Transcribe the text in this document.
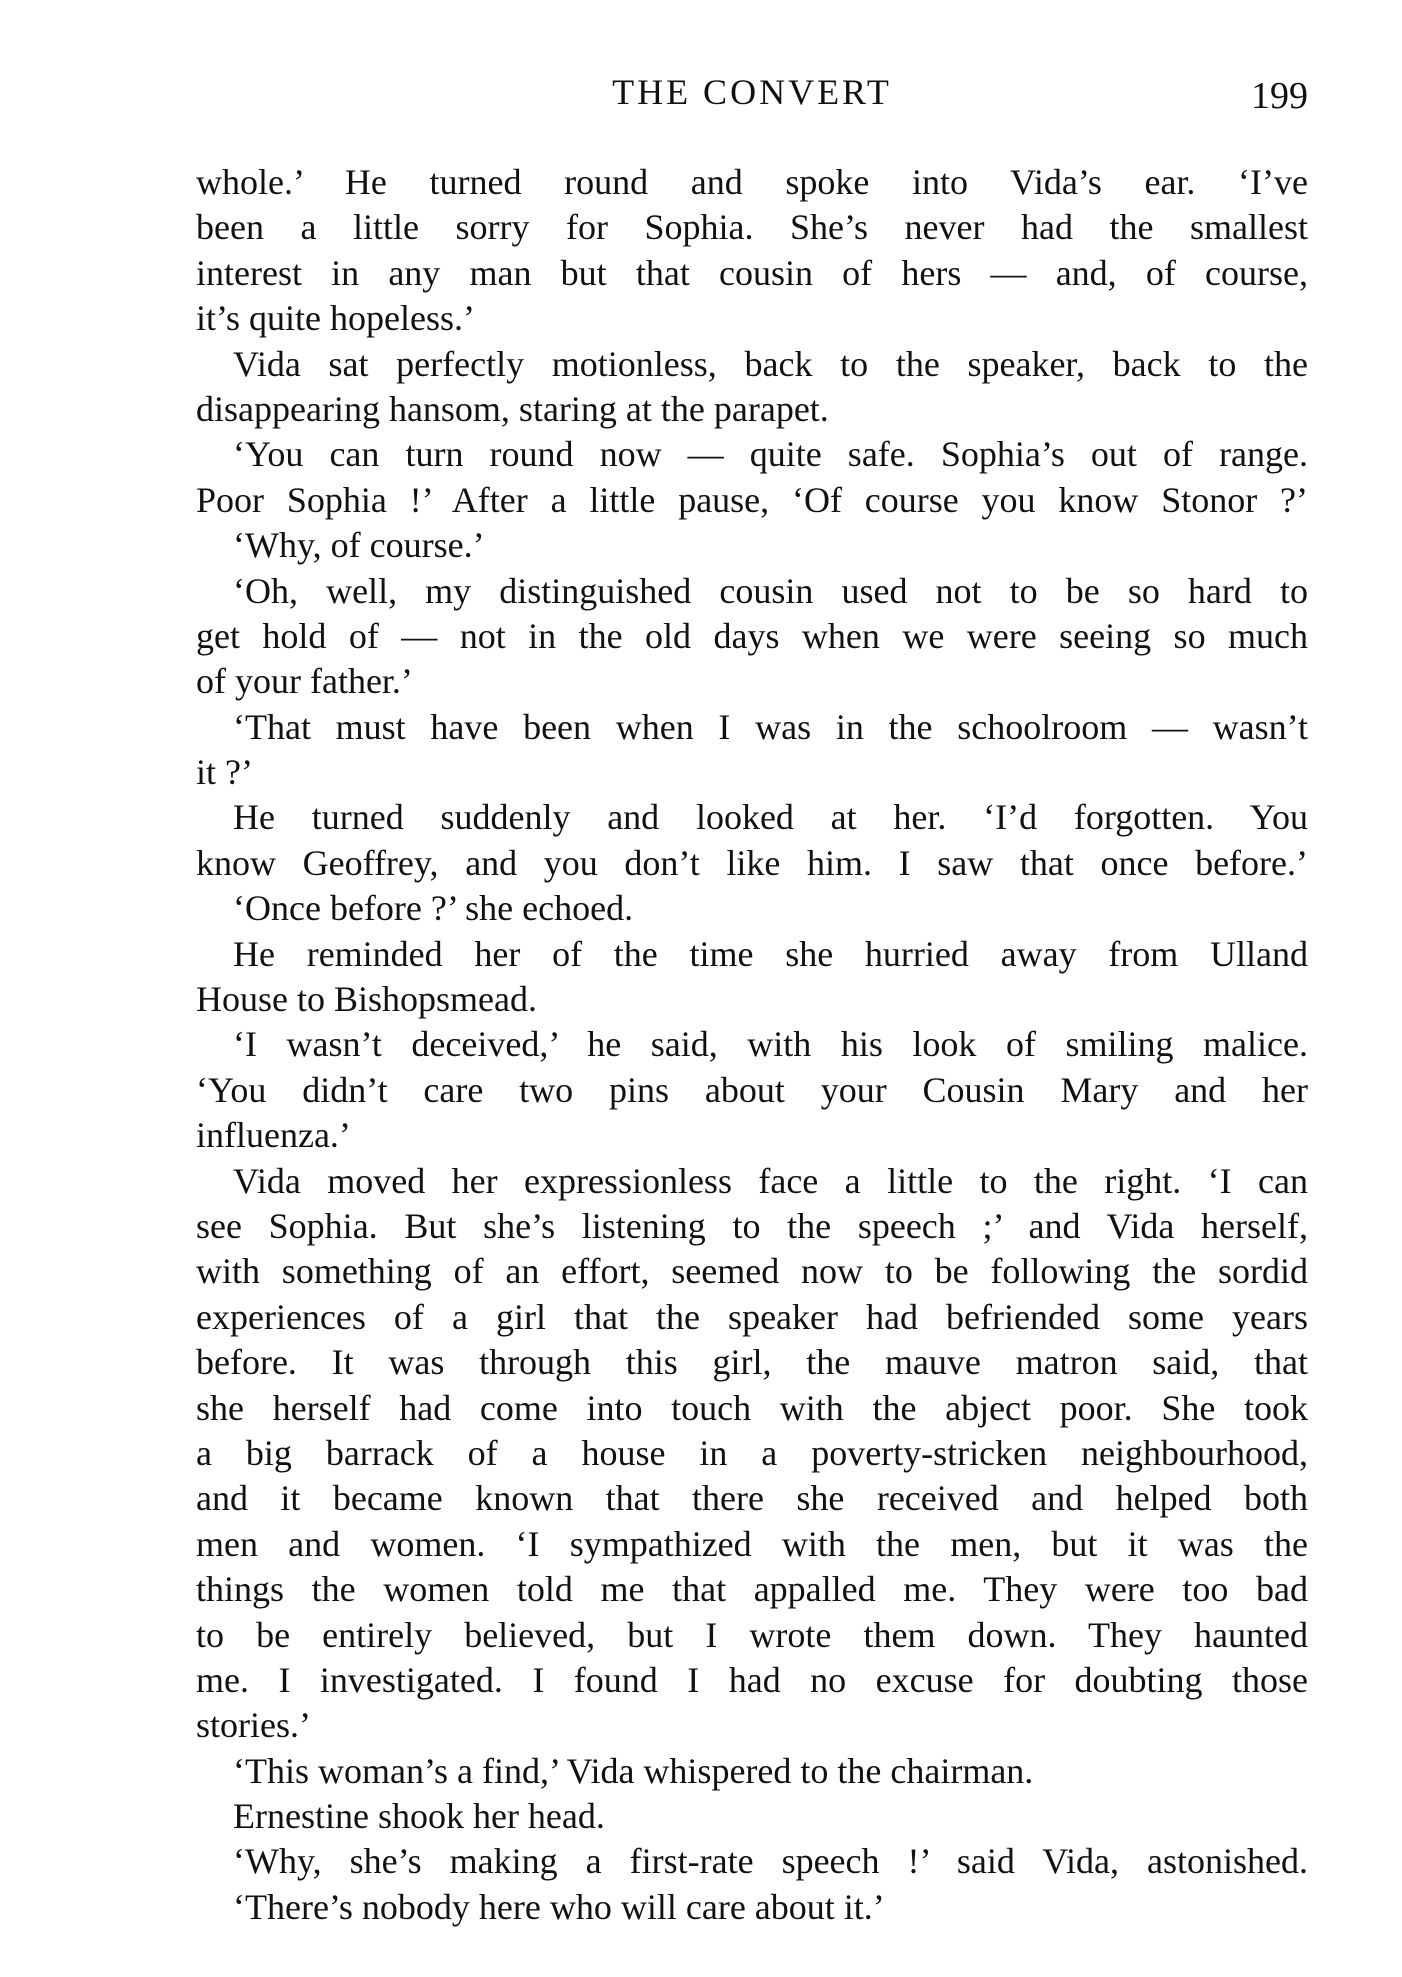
THE CONVERT	199
whole.’ He turned round and spoke into Vida’s ear. ‘I’ve
been a little sorry for Sophia. She’s never had the smallest
interest in any man but that cousin of hers — and, of course,
it’s quite hopeless.’
Vida sat perfectly motionless, back to the speaker, back to the
disappearing hansom, staring at the parapet.
‘You can turn round now — quite safe. Sophia’s out of range.
Poor Sophia !’ After a little pause, ‘Of course you know Stonor ?’
‘Why, of course.’
‘Oh, well, my distinguished cousin used not to be so hard to
get hold of — not in the old days when we were seeing so much
of your father.’
‘That must have been when I was in the schoolroom — wasn’t
it ?’
He turned suddenly and looked at her. ‘I’d forgotten. You
know Geoffrey, and you don’t like him. I saw that once before.’
‘Once before ?’ she echoed.
He reminded her of the time she hurried away from Ulland
House to Bishopsmead.
‘I wasn’t deceived,’ he said, with his look of smiling malice.
‘You didn’t care two pins about your Cousin Mary and her
influenza.’
Vida moved her expressionless face a little to the right. ‘I can
see Sophia. But she’s listening to the speech ;’ and Vida herself,
with something of an effort, seemed now to be following the sordid
experiences of a girl that the speaker had befriended some years
before. It was through this girl, the mauve matron said, that
she herself had come into touch with the abject poor. She took
a big barrack of a house in a poverty-stricken neighbourhood,
and it became known that there she received and helped both
men and women. ‘I sympathized with the men, but it was the
things the women told me that appalled me. They were too bad
to be entirely believed, but I wrote them down. They haunted
me. I investigated. I found I had no excuse for doubting those
stories.’
‘This woman’s a find,’ Vida whispered to the chairman.
Ernestine shook her head.
‘Why, she’s making a first-rate speech !’ said Vida, astonished.
‘There’s nobody here who will care about it.’
